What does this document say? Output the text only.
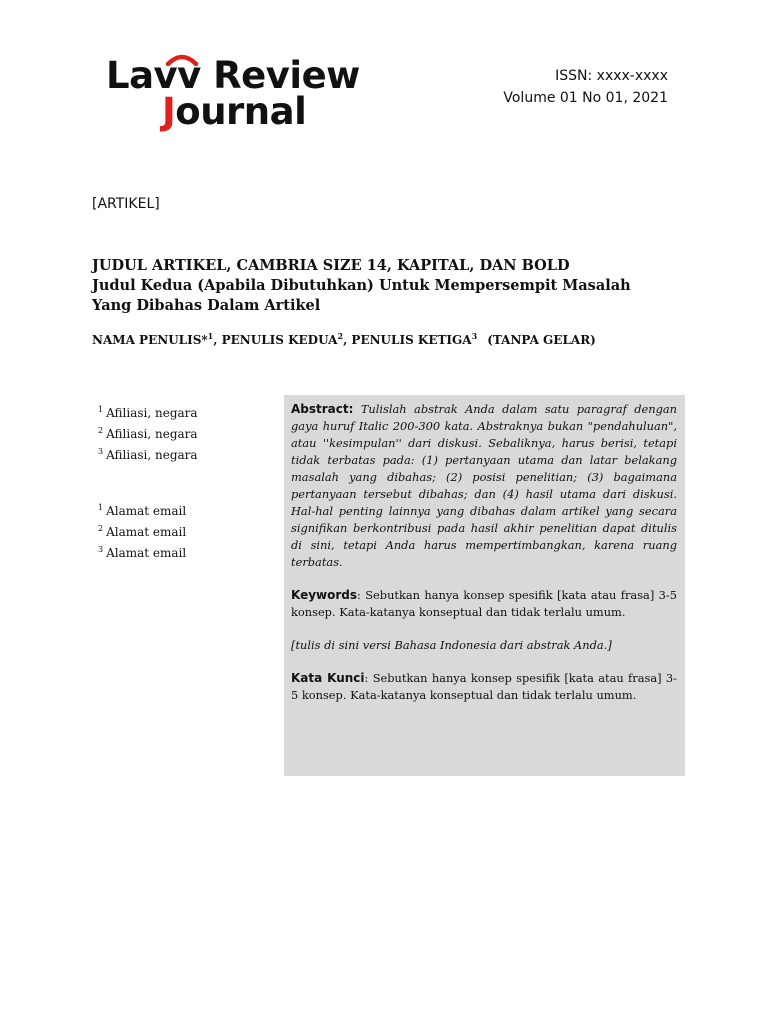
Lavv Review
Journal
ISSN: xxxx-xxxx
Volume 01 No 01, 2021
[ARTIKEL]
JUDUL ARTIKEL, CAMBRIA SIZE 14, KAPITAL, DAN BOLD
Judul Kedua (Apabila Dibutuhkan) Untuk Mempersempit Masalah Yang Dibahas Dalam Artikel
NAMA PENULIS*$^1$, PENULIS KEDUA$^2$, PENULIS KETIGA$^3$ (TANPA GELAR)
$^1$ Afiliasi, negara
$^2$ Afiliasi, negara
$^3$ Afiliasi, negara
$^1$ Alamat email
$^2$ Alamat email
$^3$ Alamat email

Abstract: Tulislah abstrak Anda dalam satu paragraf dengan gaya huruf Italic 200-300 kata. Abstraknya bukan "pendahuluan", atau ''kesimpulan'' dari diskusi. Sebaliknya, harus berisi, tetapi tidak terbatas pada: (1) pertanyaan utama dan latar belakang masalah yang dibahas; (2) posisi penelitian; (3) bagaimana pertanyaan tersebut dibahas; dan (4) hasil utama dari diskusi. Hal-hal penting lainnya yang dibahas dalam artikel yang secara signifikan berkontribusi pada hasil akhir penelitian dapat ditulis di sini, tetapi Anda harus mempertimbangkan, karena ruang terbatas.

Keywords: Sebutkan hanya konsep spesifik [kata atau frasa] 3-5 konsep. Kata-katanya konseptual dan tidak terlalu umum.

[tulis di sini versi Bahasa Indonesia dari abstrak Anda.]

Kata Kunci: Sebutkan hanya konsep spesifik [kata atau frasa] 3-5 konsep. Kata-katanya konseptual dan tidak terlalu umum.
